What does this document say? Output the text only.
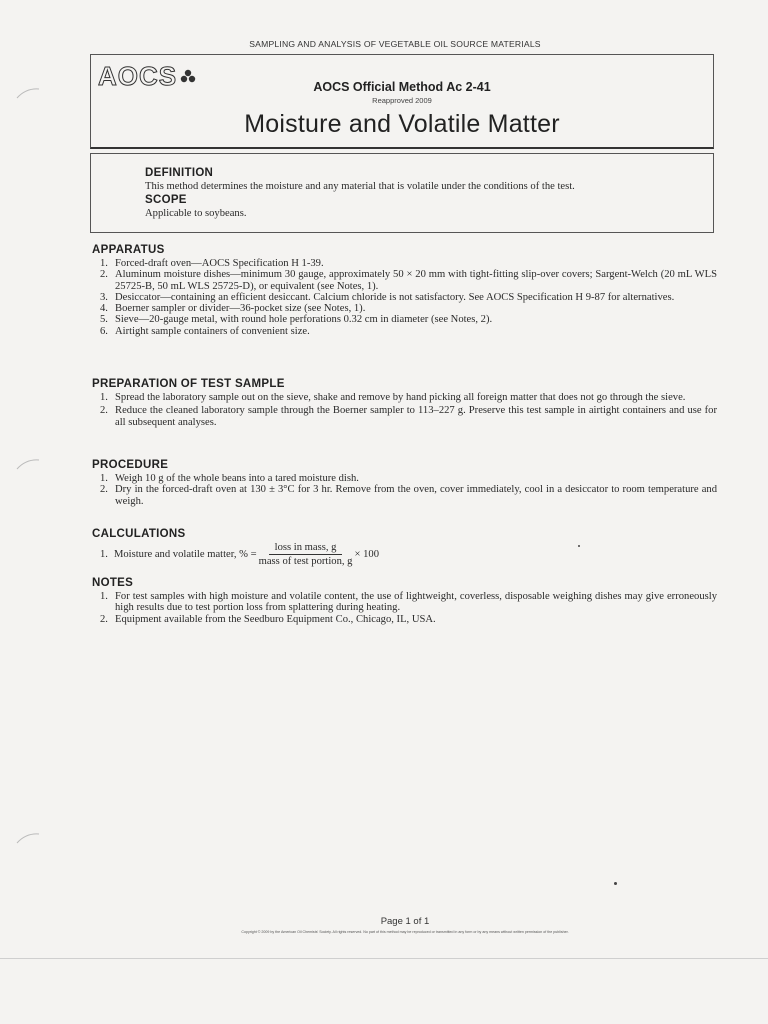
SAMPLING AND ANALYSIS OF VEGETABLE OIL SOURCE MATERIALS
AOCS	AOCS Official Method Ac 2-41
Reapproved 2009
Moisture and Volatile Matter
DEFINITION
This method determines the moisture and any material that is volatile under the conditions of the test.
SCOPE
Applicable to soybeans.
APPARATUS
1. Forced-draft oven—AOCS Specification H 1-39.
2. Aluminum moisture dishes—minimum 30 gauge, approximately 50 × 20 mm with tight-fitting slip-over covers; Sargent-Welch (20 mL WLS 25725-B, 50 mL WLS 25725-D), or equivalent (see Notes, 1).
3. Desiccator—containing an efficient desiccant. Calcium chloride is not satisfactory. See AOCS Specification H 9-87 for alternatives.
4. Boerner sampler or divider—36-pocket size (see Notes, 1).
5. Sieve—20-gauge metal, with round hole perforations 0.32 cm in diameter (see Notes, 2).
6. Airtight sample containers of convenient size.
PREPARATION OF TEST SAMPLE
1. Spread the laboratory sample out on the sieve, shake and remove by hand picking all foreign matter that does not go through the sieve.
2. Reduce the cleaned laboratory sample through the Boerner sampler to 113–227 g. Preserve this test sample in airtight containers and use for all subsequent analyses.
PROCEDURE
1. Weigh 10 g of the whole beans into a tared moisture dish.
2. Dry in the forced-draft oven at 130 ± 3°C for 3 hr. Remove from the oven, cover immediately, cool in a desiccator to room temperature and weigh.
CALCULATIONS
1. Moisture and volatile matter, % = $\frac{\text{loss in mass, g}}{\text{mass of test portion, g}} \times 100$
NOTES
1. For test samples with high moisture and volatile content, the use of lightweight, coverless, disposable weighing dishes may give erroneously high results due to test portion loss from splattering during heating.
2. Equipment available from the Seedburo Equipment Co., Chicago, IL, USA.
Page 1 of 1
Copyright © 2009 by the American Oil Chemists' Society. All rights reserved. No part of this method may be reproduced or transmitted in any form or by any means without written permission of the publisher.
